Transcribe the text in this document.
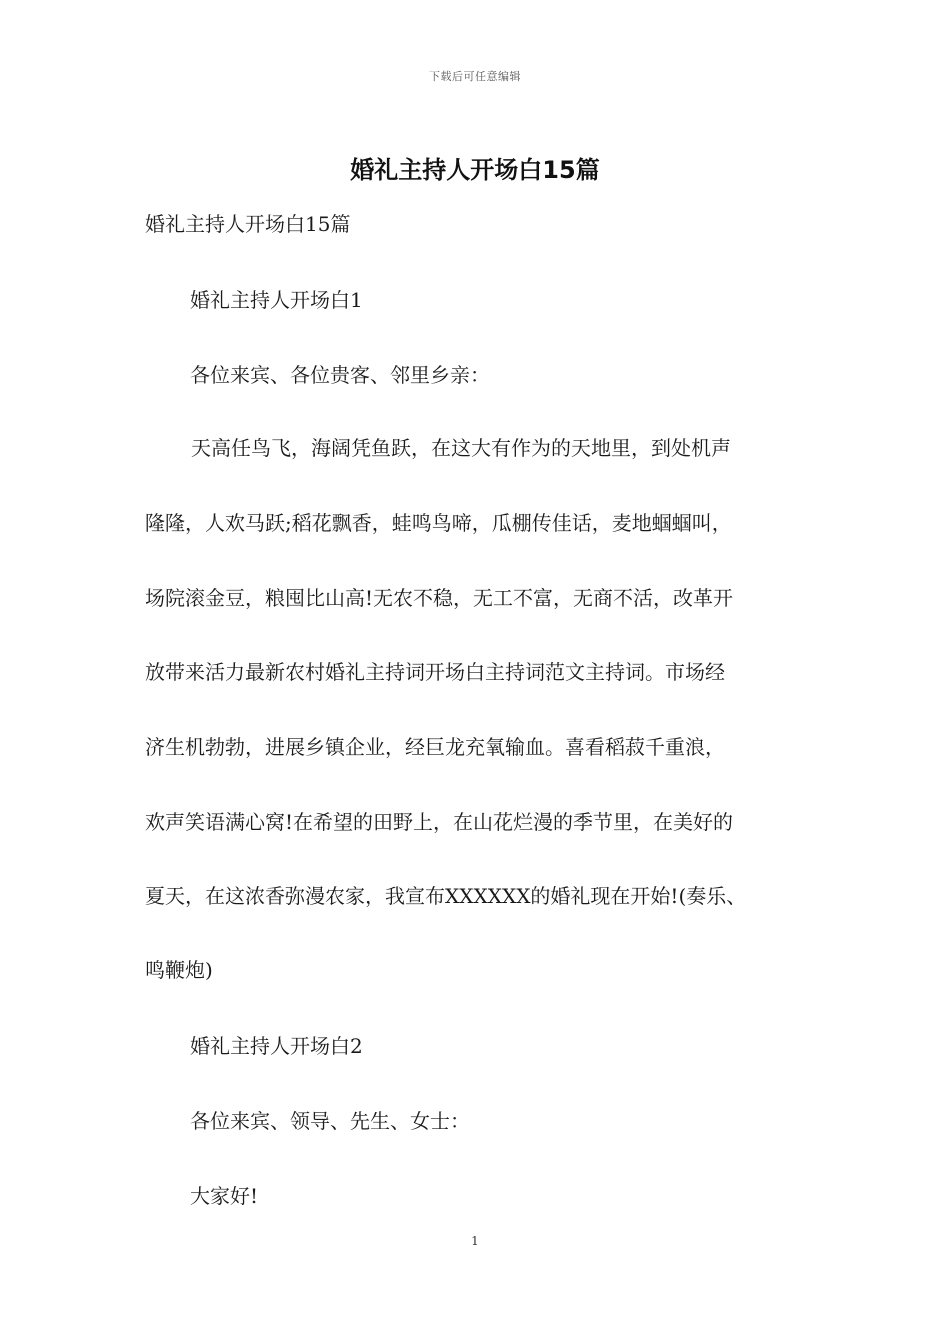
下载后可任意编辑
婚礼主持人开场白15篇
婚礼主持人开场白15篇
婚礼主持人开场白1
各位来宾、各位贵客、邻里乡亲：
天高任鸟飞，海阔凭鱼跃，在这大有作为的天地里，到处机声
隆隆，人欢马跃;稻花飘香，蛙鸣鸟啼，瓜棚传佳话，麦地蝈蝈叫，
场院滚金豆，粮囤比山高!无农不稳，无工不富，无商不活，改革开
放带来活力最新农村婚礼主持词开场白主持词范文主持词。市场经
济生机勃勃，进展乡镇企业，经巨龙充氧输血。喜看稻菽千重浪，
欢声笑语满心窝!在希望的田野上，在山花烂漫的季节里，在美好的
夏天，在这浓香弥漫农家，我宣布XXXXXX的婚礼现在开始!(奏乐、
鸣鞭炮)
婚礼主持人开场白2
各位来宾、领导、先生、女士：
大家好!
1
